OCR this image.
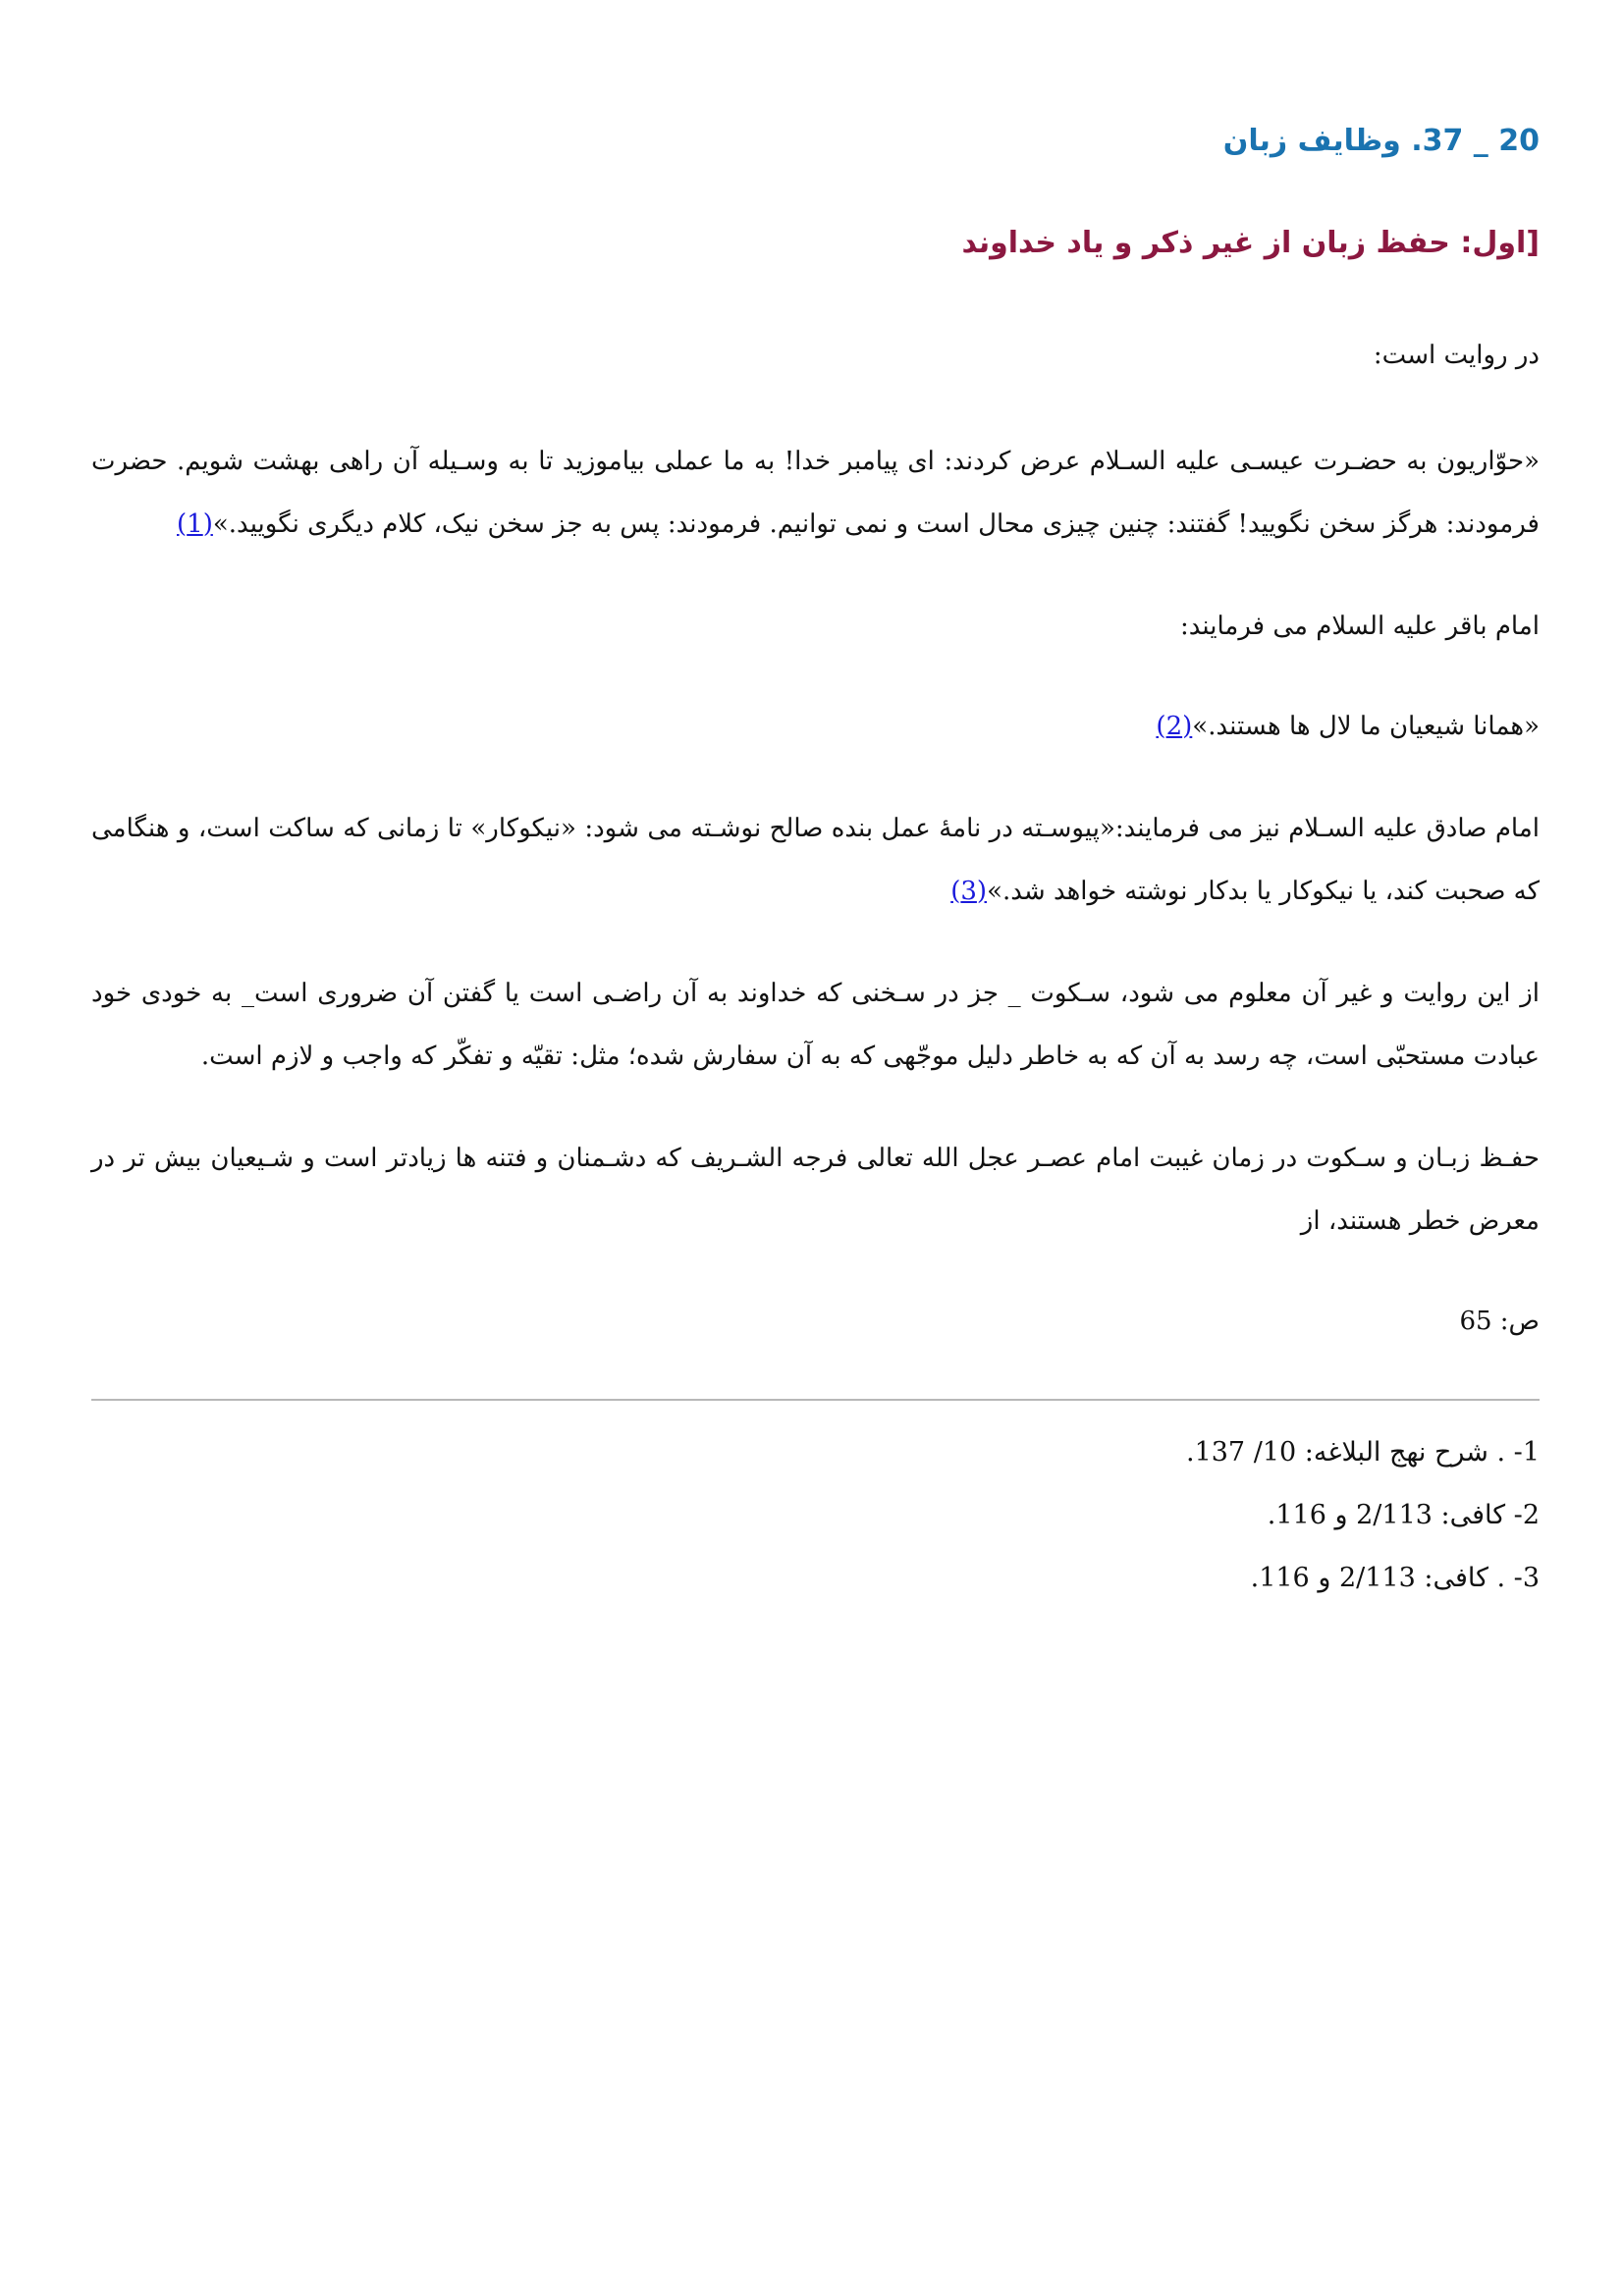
20 _ 37. وظایف زبان
[اول: حفظ زبان از غیر ذکر و یاد خداوند

در روایت است:

«حوّاریون به حضـرت عیسـی علیه السـلام عرض کردند: ای پیامبر خدا! به ما عملی بیاموزید تا به وسـیله آن راهی بهشت شویم. حضرت فرمودند: هرگز سخن نگویید! گفتند: چنین چیزی محال است و نمی توانیم. فرمودند: پس به جز سخن نیک، کلام دیگری نگویید.»(1)

امام باقر علیه السلام می فرمایند:

«همانا شیعیان ما لال ها هستند.»(2)

امام صادق علیه السـلام نیز می فرمایند:«پیوسـته در نامۀ عمل بنده صالح نوشـته می شود: «نیکوکار» تا زمانی که ساکت است، و هنگامی که صحبت کند، یا نیکوکار یا بدکار نوشته خواهد شد.»(3)

از این روایت و غیر آن معلوم می شود، سـکوت _ جز در سـخنی که خداوند به آن راضـی است یا گفتن آن ضروری است_ به خودی خود عبادت مستحبّی است، چه رسد به آن که به خاطر دلیل موجّهی که به آن سفارش شده؛ مثل: تقیّه و تفکّر که واجب و لازم است.

حفـظ زبـان و سـکوت در زمان غیبت امام عصـر عجل الله تعالی فرجه الشـریف که دشـمنان و فتنه ها زیادتر است و شـیعیان بیش تر در معرض خطر هستند، از

ص: 65

1- . شرح نهج البلاغه: 10/ 137.
2- کافی: 2/113 و 116.
3- . کافی: 2/113 و 116.
